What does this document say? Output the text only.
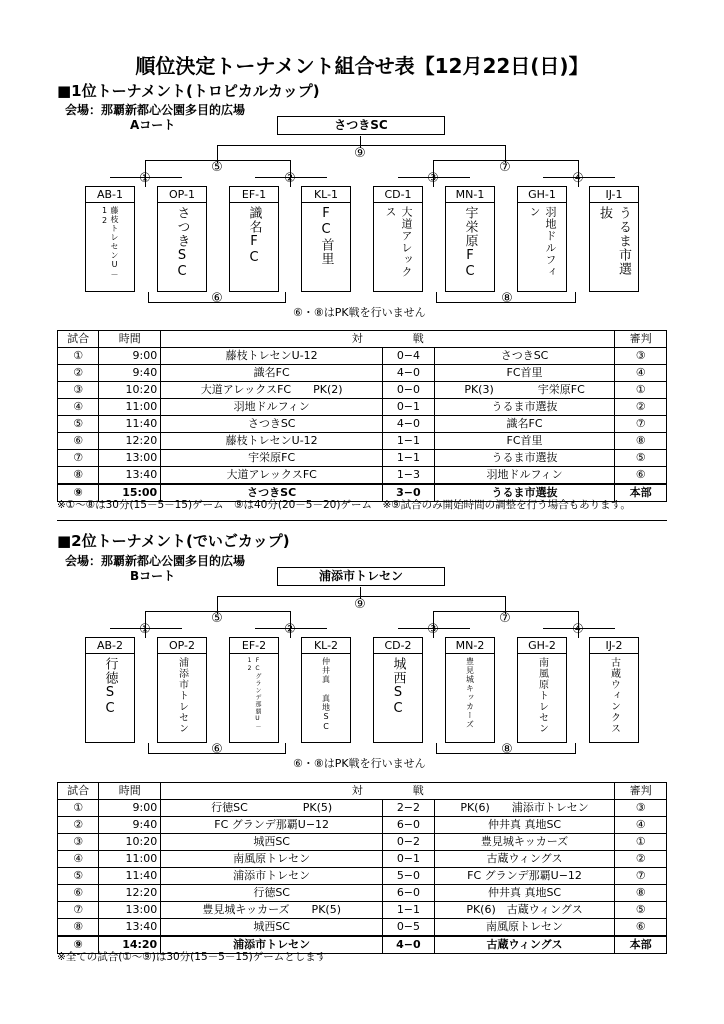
順位決定トーナメント組合せ表【12月22日(日)】
■1位トーナメント(トロピカルカップ)
会場：那覇新都心公園多目的広場
Aコート	さつきSC
⑨
⑤	⑦
①	②	③	④
AB-1
藤枝トレセンU－12
OP-1
さつきSC
EF-1
識名FC
KL-1
FC首里
CD-1
大道アレックス
MN-1
宇栄原FC
GH-1
羽地ドルフィン
IJ-1
うるま市選抜
⑥	⑧
⑥・⑧はPK戦を行いません
試合	時間	対 戦			審判
①	9:00	藤枝トレセンU-12	0−4	さつきSC	③
②	9:40	識名FC	4−0	FC首里	④
③	10:20	大道アレックスFC　　PK(2)	0−0	PK(3)　　　　宇栄原FC	①
④	11:00	羽地ドルフィン	0−1	うるま市選抜	②
⑤	11:40	さつきSC	4−0	識名FC	⑦
⑥	12:20	藤枝トレセンU-12	1−1	FC首里	⑧
⑦	13:00	宇栄原FC	1−1	うるま市選抜	⑤
⑧	13:40	大道アレックスFC	1−3	羽地ドルフィン	⑥
⑨	15:00	さつきSC	3−0	うるま市選抜	本部
※①～⑧は30分(15－5－15)ゲーム　⑨は40分(20－5－20)ゲーム　※⑨試合のみ開始時間の調整を行う場合もあります。
■2位トーナメント(でいごカップ)
会場：那覇新都心公園多目的広場
Bコート	浦添市トレセン
⑨
⑤	⑦
①	②	③	④
AB-2
行徳SC
OP-2
浦添市トレセン
EF-2
FCグランデ那覇U－12
KL-2
仲井真 真地SC
CD-2
城西SC
MN-2
豊見城キッカーズ
GH-2
南風原トレセン
IJ-2
古蔵ウィンクス
⑥	⑧
⑥・⑧はPK戦を行いません
試合	時間	対 戦			審判
①	9:00	行徳SC　　　　　PK(5)	2−2	PK(6)　　浦添市トレセン	③
②	9:40	FC グランデ那覇U−12	6−0	仲井真 真地SC	④
③	10:20	城西SC	0−2	豊見城キッカーズ	①
④	11:00	南風原トレセン	0−1	古蔵ウィングス	②
⑤	11:40	浦添市トレセン	5−0	FC グランデ那覇U−12	⑦
⑥	12:20	行徳SC	6−0	仲井真 真地SC	⑧
⑦	13:00	豊見城キッカーズ　　PK(5)	1−1	PK(6)　古蔵ウィングス	⑤
⑧	13:40	城西SC	0−5	南風原トレセン	⑥
⑨	14:20	浦添市トレセン	4−0	古蔵ウィングス	本部
※全ての試合(①～⑨)は30分(15－5－15)ゲームとします
